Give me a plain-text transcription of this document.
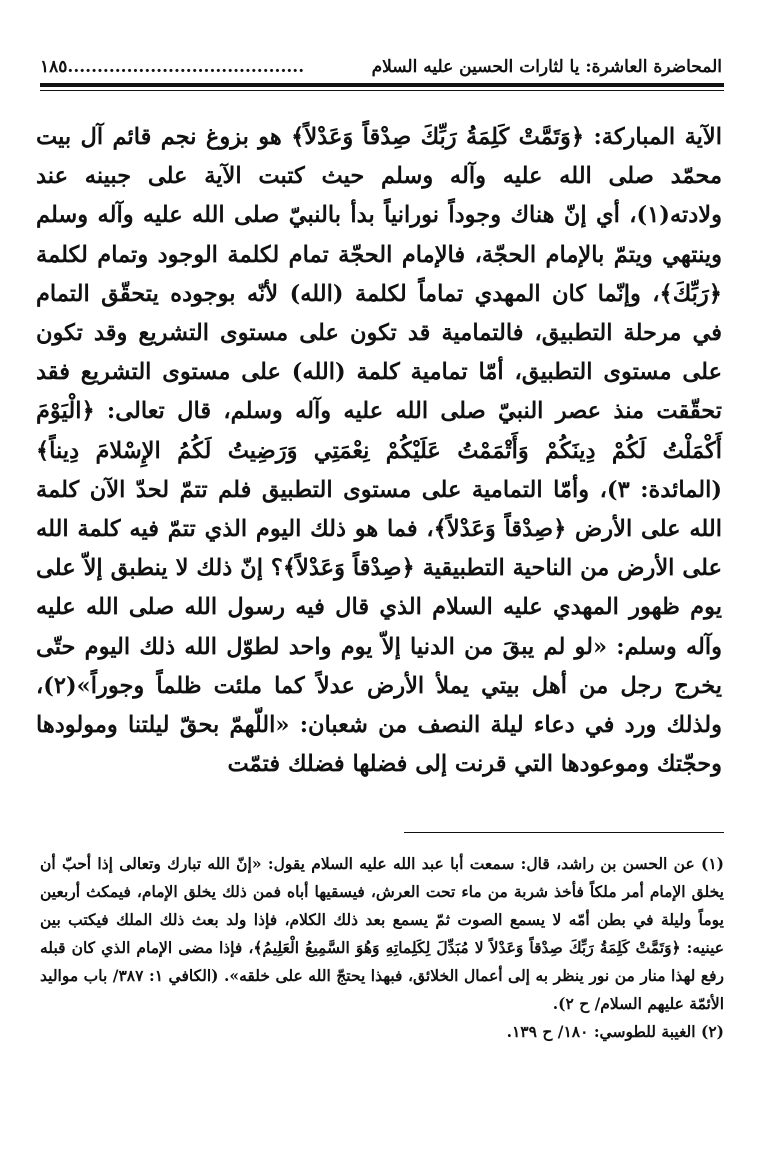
المحاضرة العاشرة: يا لثارات الحسين عليه السلام
١٨٥........................................

الآية المباركة: ﴿وَتَمَّتْ كَلِمَةُ رَبِّكَ صِدْقاً وَعَدْلاً﴾ هو بزوغ نجم قائم آل بيت محمّد صلى الله عليه وآله وسلم حيث كتبت الآية على جبينه عند ولادته(١)، أي إنّ هناك وجوداً نورانياً بدأ بالنبيّ صلى الله عليه وآله وسلم وينتهي ويتمّ بالإمام الحجّة، فالإمام الحجّة تمام لكلمة الوجود وتمام لكلمة ﴿رَبِّكَ﴾، وإنّما كان المهدي تماماً لكلمة (الله) لأنّه بوجوده يتحقّق التمام في مرحلة التطبيق، فالتمامية قد تكون على مستوى التشريع وقد تكون على مستوى التطبيق، أمّا تمامية كلمة (الله) على مستوى التشريع فقد تحقّقت منذ عصر النبيّ صلى الله عليه وآله وسلم، قال تعالى: ﴿الْيَوْمَ أَكْمَلْتُ لَكُمْ دِينَكُمْ وَأَتْمَمْتُ عَلَيْكُمْ نِعْمَتِي وَرَضِيتُ لَكُمُ الإِسْلامَ دِيناً﴾ (المائدة: ٣)، وأمّا التمامية على مستوى التطبيق فلم تتمّ لحدّ الآن كلمة الله على الأرض ﴿صِدْقاً وَعَدْلاً﴾، فما هو ذلك اليوم الذي تتمّ فيه كلمة الله على الأرض من الناحية التطبيقية ﴿صِدْقاً وَعَدْلاً﴾؟ إنّ ذلك لا ينطبق إلاّ على يوم ظهور المهدي عليه السلام الذي قال فيه رسول الله صلى الله عليه وآله وسلم: «لو لم يبقَ من الدنيا إلاّ يوم واحد لطوّل الله ذلك اليوم حتّى يخرج رجل من أهل بيتي يملأ الأرض عدلاً كما ملئت ظلماً وجوراً»(٢)، ولذلك ورد في دعاء ليلة النصف من شعبان: «اللّهمّ بحقّ ليلتنا ومولودها وحجّتك وموعودها التي قرنت إلى فضلها فضلك فتمّت

(١) عن الحسن بن راشد، قال: سمعت أبا عبد الله عليه السلام يقول: «إنّ الله تبارك وتعالى إذا أحبّ أن يخلق الإمام أمر ملكاً فأخذ شربة من ماء تحت العرش، فيسقيها أباه فمن ذلك يخلق الإمام، فيمكث أربعين يوماً وليلة في بطن أمّه لا يسمع الصوت ثمّ يسمع بعد ذلك الكلام، فإذا ولد بعث ذلك الملك فيكتب بين عينيه: ﴿وَتَمَّتْ كَلِمَةُ رَبِّكَ صِدْقاً وَعَدْلاً لا مُبَدِّلَ لِكَلِماتِهِ وَهُوَ السَّمِيعُ الْعَلِيمُ﴾، فإذا مضى الإمام الذي كان قبله رفع لهذا منار من نور ينظر به إلى أعمال الخلائق، فبهذا يحتجّ الله على خلقه». (الكافي ١: ٣٨٧/ باب مواليد الأئمّة عليهم السلام/ ح ٢).

(٢) الغيبة للطوسي: ١٨٠/ ح ١٣٩.
